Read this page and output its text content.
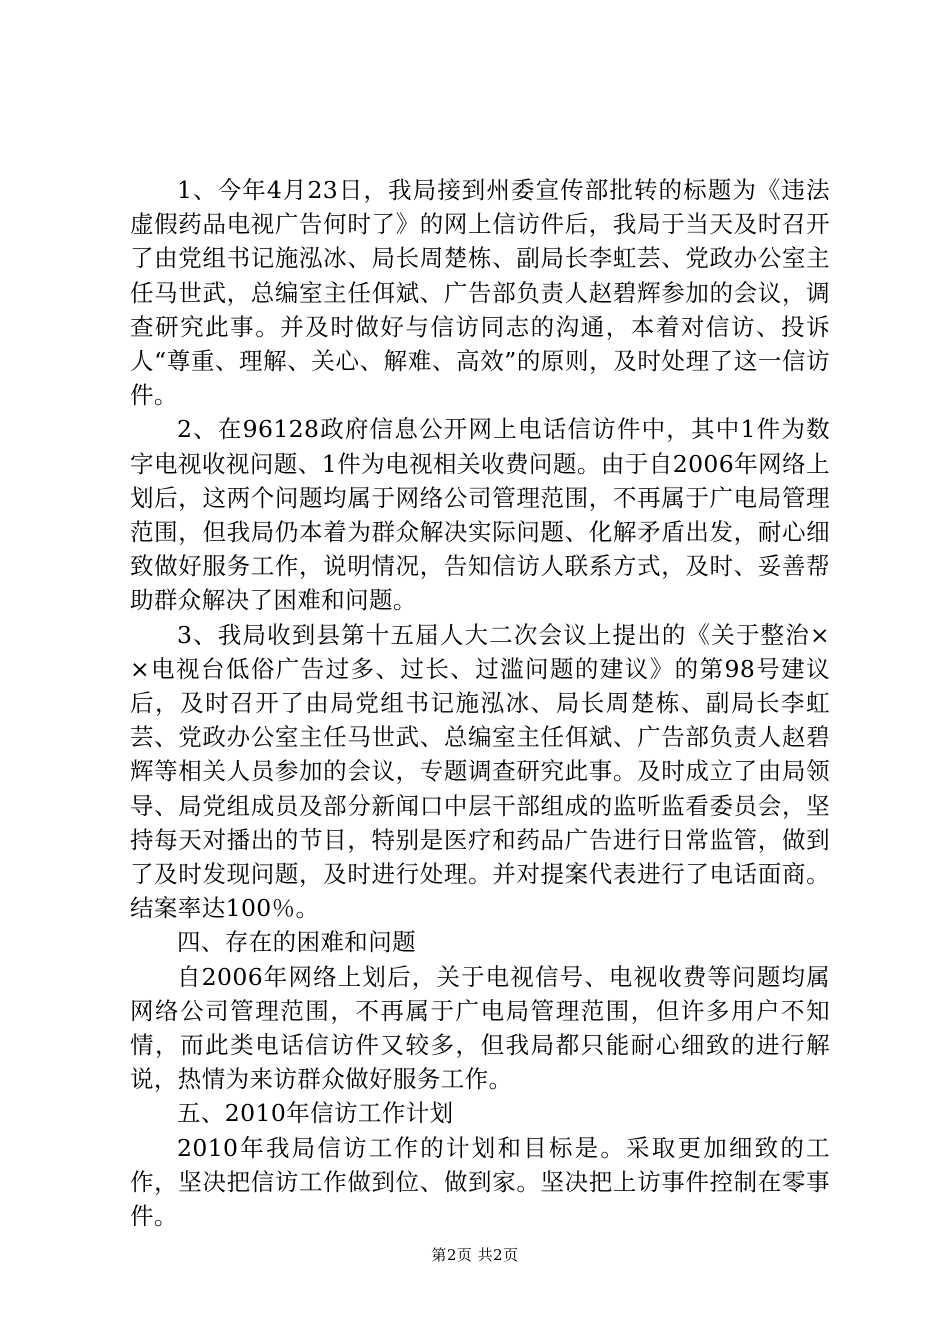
1、今年4月23日，我局接到州委宣传部批转的标题为《违法虚假药品电视广告何时了》的网上信访件后，我局于当天及时召开了由党组书记施泓冰、局长周楚栋、副局长李虹芸、党政办公室主任马世武，总编室主任佴斌、广告部负责人赵碧辉参加的会议，调查研究此事。并及时做好与信访同志的沟通，本着对信访、投诉人“尊重、理解、关心、解难、高效”的原则，及时处理了这一信访件。

2、在96128政府信息公开网上电话信访件中，其中1件为数字电视收视问题、1件为电视相关收费问题。由于自2006年网络上划后，这两个问题均属于网络公司管理范围，不再属于广电局管理范围，但我局仍本着为群众解决实际问题、化解矛盾出发，耐心细致做好服务工作，说明情况，告知信访人联系方式，及时、妥善帮助群众解决了困难和问题。

3、我局收到县第十五届人大二次会议上提出的《关于整治××电视台低俗广告过多、过长、过滥问题的建议》的第98号建议后，及时召开了由局党组书记施泓冰、局长周楚栋、副局长李虹芸、党政办公室主任马世武、总编室主任佴斌、广告部负责人赵碧辉等相关人员参加的会议，专题调查研究此事。及时成立了由局领导、局党组成员及部分新闻口中层干部组成的监听监看委员会，坚持每天对播出的节目，特别是医疗和药品广告进行日常监管，做到了及时发现问题，及时进行处理。并对提案代表进行了电话面商。结案率达100％。

四、存在的困难和问题

自2006年网络上划后，关于电视信号、电视收费等问题均属网络公司管理范围，不再属于广电局管理范围，但许多用户不知情，而此类电话信访件又较多，但我局都只能耐心细致的进行解说，热情为来访群众做好服务工作。

五、2010年信访工作计划

2010年我局信访工作的计划和目标是。采取更加细致的工作，坚决把信访工作做到位、做到家。坚决把上访事件控制在零事件。

第2页 共2页
